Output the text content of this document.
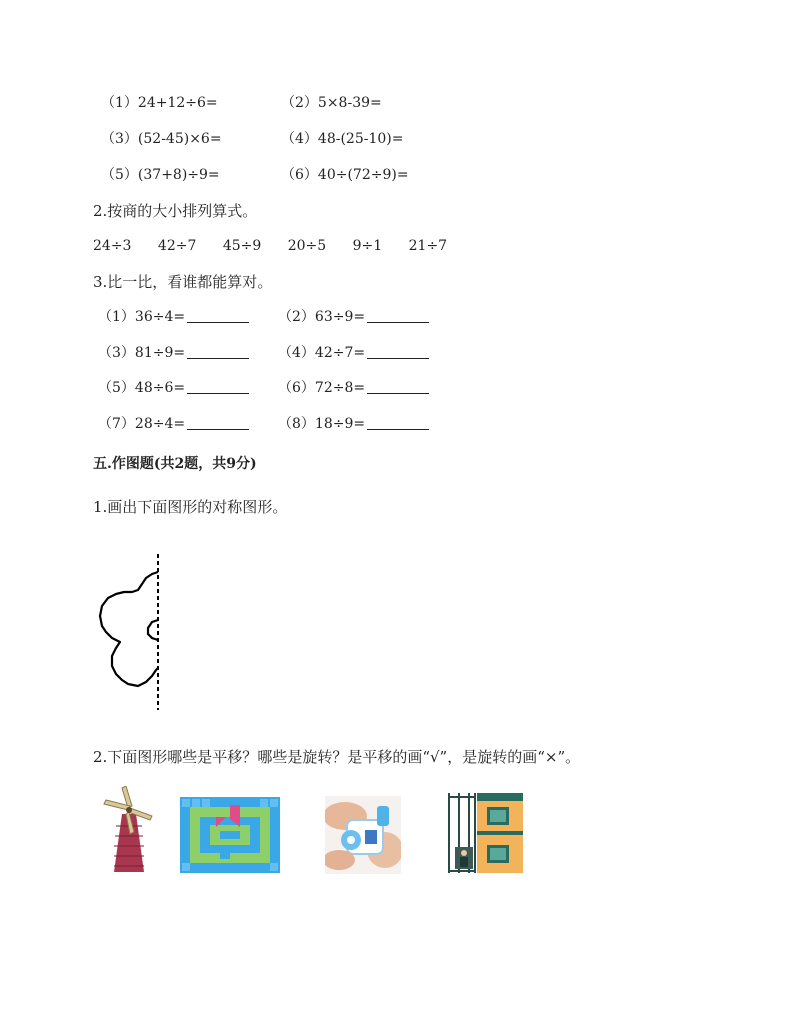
（1）24+12÷6=	（2）5×8-39=
（3）(52-45)×6=	（4）48-(25-10)=
（5）(37+8)÷9=	（6）40÷(72÷9)=
2.按商的大小排列算式。
24÷3 42÷7 45÷9 20÷5 9÷1 21÷7
3.比一比，看谁都能算对。
（1）36÷4=	（2）63÷9=
（3）81÷9=	（4）42÷7=
（5）48÷6=	（6）72÷8=
（7）28÷4=	（8）18÷9=
五.作图题(共2题，共9分)
1.画出下面图形的对称图形。
2.下面图形哪些是平移？哪些是旋转？是平移的画“√”，是旋转的画“×”。
